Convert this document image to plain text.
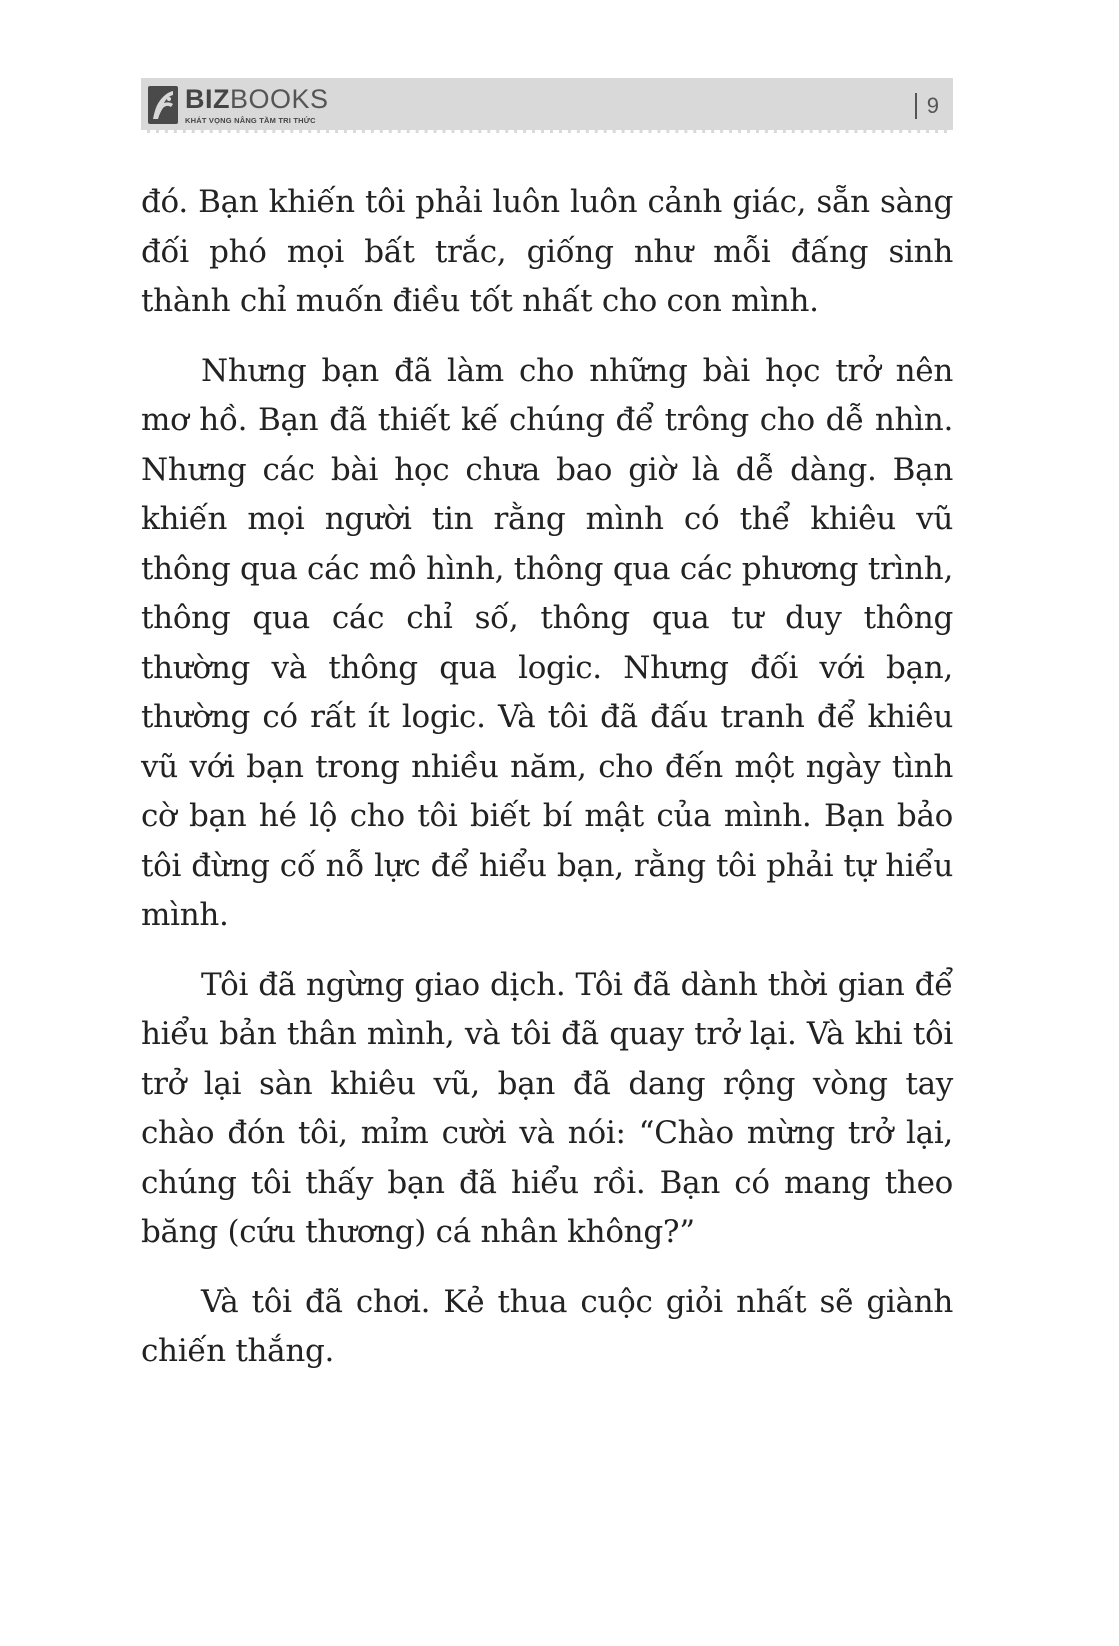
BIZBOOKS
KHÁT VỌNG NÂNG TẦM TRI THỨC
9

đó. Bạn khiến tôi phải luôn luôn cảnh giác, sẵn sàng đối phó mọi bất trắc, giống như mỗi đấng sinh thành chỉ muốn điều tốt nhất cho con mình.

Nhưng bạn đã làm cho những bài học trở nên mơ hồ. Bạn đã thiết kế chúng để trông cho dễ nhìn. Nhưng các bài học chưa bao giờ là dễ dàng. Bạn khiến mọi người tin rằng mình có thể khiêu vũ thông qua các mô hình, thông qua các phương trình, thông qua các chỉ số, thông qua tư duy thông thường và thông qua logic. Nhưng đối với bạn, thường có rất ít logic. Và tôi đã đấu tranh để khiêu vũ với bạn trong nhiều năm, cho đến một ngày tình cờ bạn hé lộ cho tôi biết bí mật của mình. Bạn bảo tôi đừng cố nỗ lực để hiểu bạn, rằng tôi phải tự hiểu mình.

Tôi đã ngừng giao dịch. Tôi đã dành thời gian để hiểu bản thân mình, và tôi đã quay trở lại. Và khi tôi trở lại sàn khiêu vũ, bạn đã dang rộng vòng tay chào đón tôi, mỉm cười và nói: “Chào mừng trở lại, chúng tôi thấy bạn đã hiểu rồi. Bạn có mang theo băng (cứu thương) cá nhân không?”

Và tôi đã chơi. Kẻ thua cuộc giỏi nhất sẽ giành chiến thắng.
